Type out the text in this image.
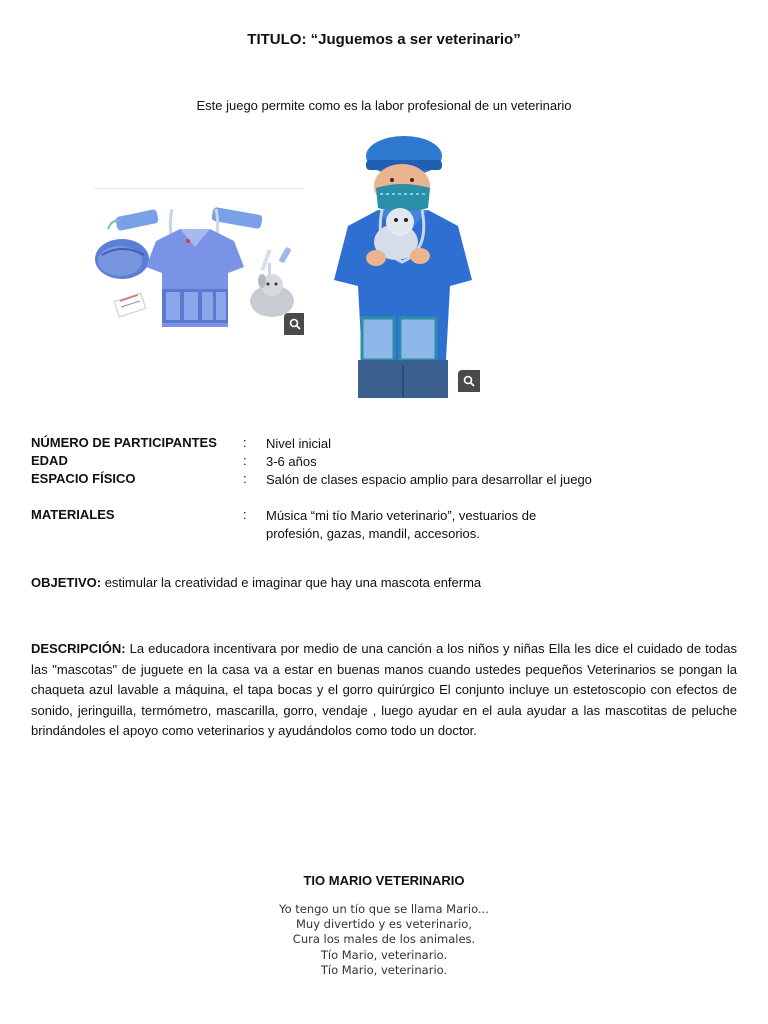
TITULO: “Juguemos a ser veterinario”
Este juego permite como es la labor profesional de un veterinario
NÚMERO DE PARTICIPANTES : Nivel inicial
EDAD	: 3-6 años
ESPACIO FÍSICO	: Salón de clases espacio amplio para desarrollar el juego
MATERIALES	: Música “mi tío Mario veterinario”, vestuarios de profesión, gazas, mandil, accesorios.
OBJETIVO: estimular la creatividad e imaginar que hay una mascota enferma
DESCRIPCIÓN: La educadora incentivara por medio de una canción a los niños y niñas Ella les dice el cuidado de todas las "mascotas" de juguete en la casa va a estar en buenas manos cuando ustedes pequeños Veterinarios se pongan la chaqueta azul lavable a máquina, el tapa bocas y el gorro quirúrgico El conjunto incluye un estetoscopio con efectos de sonido, jeringuilla, termómetro, mascarilla, gorro, vendaje , luego ayudar en el aula ayudar a las mascotitas de peluche brindándoles el apoyo como veterinarios y ayudándolos como todo un doctor.
TIO MARIO VETERINARIO
Yo tengo un tío que se llama Mario...
Muy divertido y es veterinario,
Cura los males de los animales.
Tío Mario, veterinario.
Tío Mario, veterinario.
